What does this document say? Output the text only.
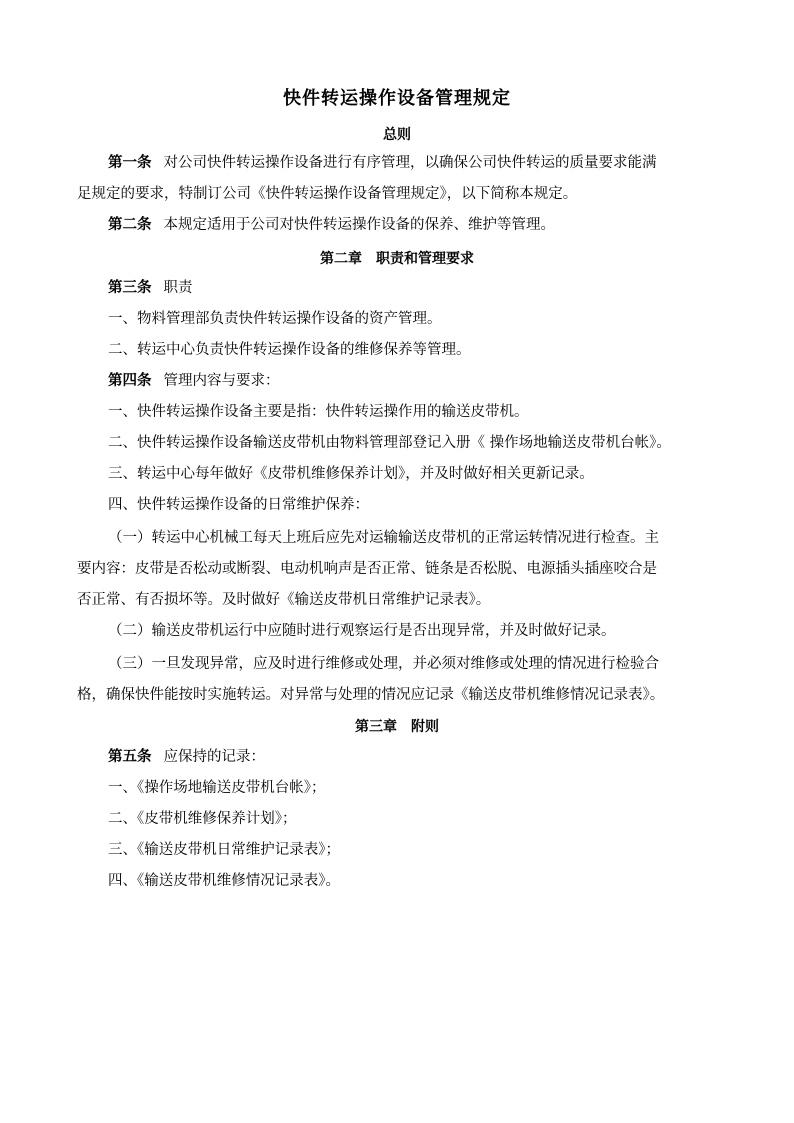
快件转运操作设备管理规定
总则
第一条 对公司快件转运操作设备进行有序管理，以确保公司快件转运的质量要求能满
足规定的要求，特制订公司《快件转运操作设备管理规定》，以下简称本规定。
第二条 本规定适用于公司对快件转运操作设备的保养、维护等管理。
第二章　职责和管理要求
第三条 职责
一、物料管理部负责快件转运操作设备的资产管理。
二、转运中心负责快件转运操作设备的维修保养等管理。
第四条 管理内容与要求：
一、快件转运操作设备主要是指：快件转运操作用的输送皮带机。
二、快件转运操作设备输送皮带机由物料管理部登记入册《 操作场地输送皮带机台帐》。
三、转运中心每年做好《皮带机维修保养计划》，并及时做好相关更新记录。
四、快件转运操作设备的日常维护保养：
（一）转运中心机械工每天上班后应先对运输输送皮带机的正常运转情况进行检查。主
要内容：皮带是否松动或断裂、电动机响声是否正常、链条是否松脱、电源插头插座咬合是
否正常、有否损坏等。及时做好《输送皮带机日常维护记录表》。
（二）输送皮带机运行中应随时进行观察运行是否出现异常，并及时做好记录。
（三）一旦发现异常，应及时进行维修或处理，并必须对维修或处理的情况进行检验合
格，确保快件能按时实施转运。对异常与处理的情况应记录《输送皮带机维修情况记录表》。
第三章　附则
第五条 应保持的记录：
一、《操作场地输送皮带机台帐》；
二、《皮带机维修保养计划》；
三、《输送皮带机日常维护记录表》；
四、《输送皮带机维修情况记录表》。
